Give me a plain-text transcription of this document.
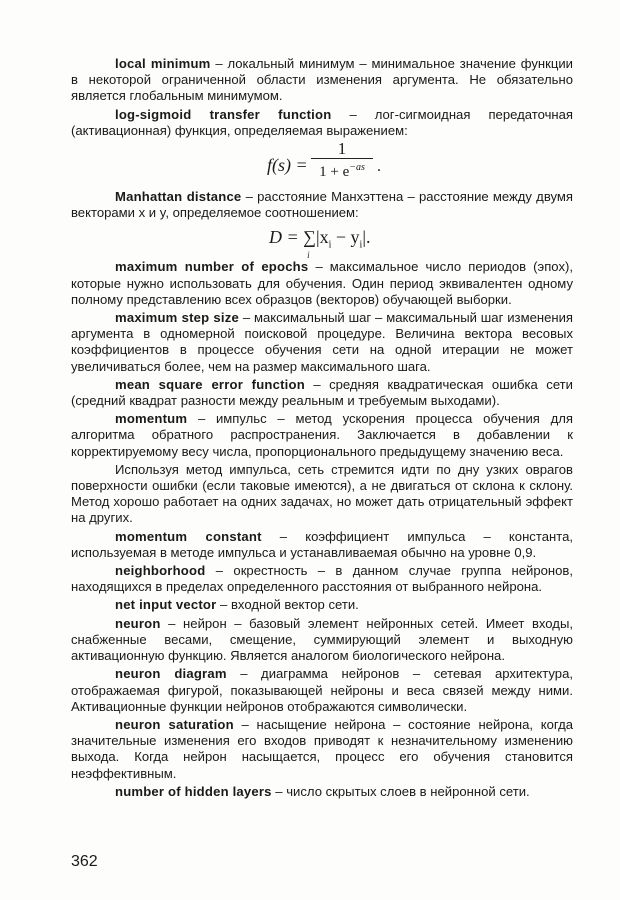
local minimum – локальный минимум – минимальное значение функции в некоторой ограниченной области изменения аргумента. Не обязательно является глобальным минимумом.

log-sigmoid transfer function – лог-сигмоидная передаточная (активационная) функция, определяемая выражением:

$f(s) = \frac{1}{1 + e^{-as}}$ .

Manhattan distance – расстояние Манхэттена – расстояние между двумя векторами x и y, определяемое соотношением:

D = ∑
i
$|x_i - y_i|$.

maximum number of epochs – максимальное число периодов (эпох), которые нужно использовать для обучения. Один период эквивалентен одному полному представлению всех образцов (векторов) обучающей выборки.

maximum step size – максимальный шаг – максимальный шаг изменения аргумента в одномерной поисковой процедуре. Величина вектора весовых коэффициентов в процессе обучения сети на одной итерации не может увеличиваться более, чем на размер максимального шага.

mean square error function – средняя квадратическая ошибка сети (средний квадрат разности между реальным и требуемым выходами).

momentum – импульс – метод ускорения процесса обучения для алгоритма обратного распространения. Заключается в добавлении к корректируемому весу числа, пропорционального предыдущему значению веса.

Используя метод импульса, сеть стремится идти по дну узких оврагов поверхности ошибки (если таковые имеются), а не двигаться от склона к склону. Метод хорошо работает на одних задачах, но может дать отрицательный эффект на других.

momentum constant – коэффициент импульса – константа, используемая в методе импульса и устанавливаемая обычно на уровне 0,9.

neighborhood – окрестность – в данном случае группа нейронов, находящихся в пределах определенного расстояния от выбранного нейрона.

net input vector – входной вектор сети.

neuron – нейрон – базовый элемент нейронных сетей. Имеет входы, снабженные весами, смещение, суммирующий элемент и выходную активационную функцию. Является аналогом биологического нейрона.

neuron diagram – диаграмма нейронов – сетевая архитектура, отображаемая фигурой, показывающей нейроны и веса связей между ними. Активационные функции нейронов отображаются символически.

neuron saturation – насыщение нейрона – состояние нейрона, когда значительные изменения его входов приводят к незначительному изменению выхода. Когда нейрон насыщается, процесс его обучения становится неэффективным.

number of hidden layers – число скрытых слоев в нейронной сети.

362
